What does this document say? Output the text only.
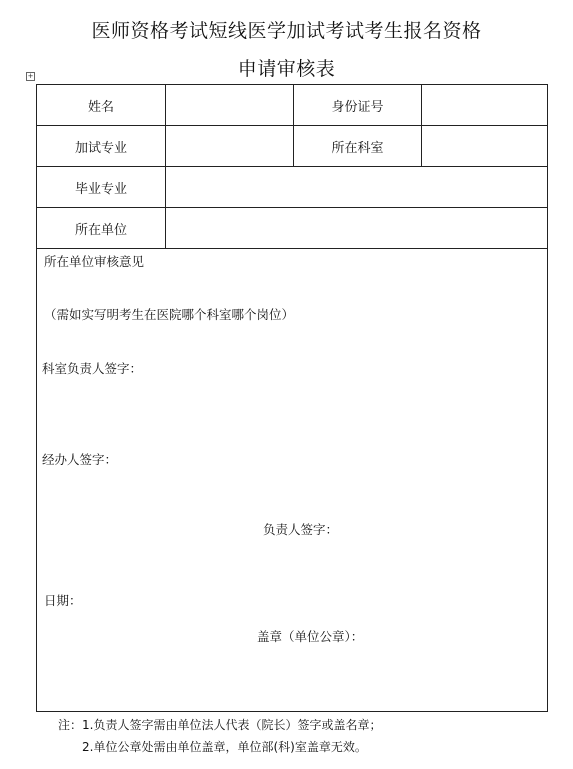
医师资格考试短线医学加试考试考生报名资格
申请审核表
+
姓名	身份证号
加试专业	所在科室
毕业专业
所在单位
所在单位审核意见
（需如实写明考生在医院哪个科室哪个岗位）
科室负责人签字：
经办人签字：
负责人签字：
日期：
盖章（单位公章）：
注：1.负责人签字需由单位法人代表（院长）签字或盖名章；
2.单位公章处需由单位盖章，单位部(科)室盖章无效。
